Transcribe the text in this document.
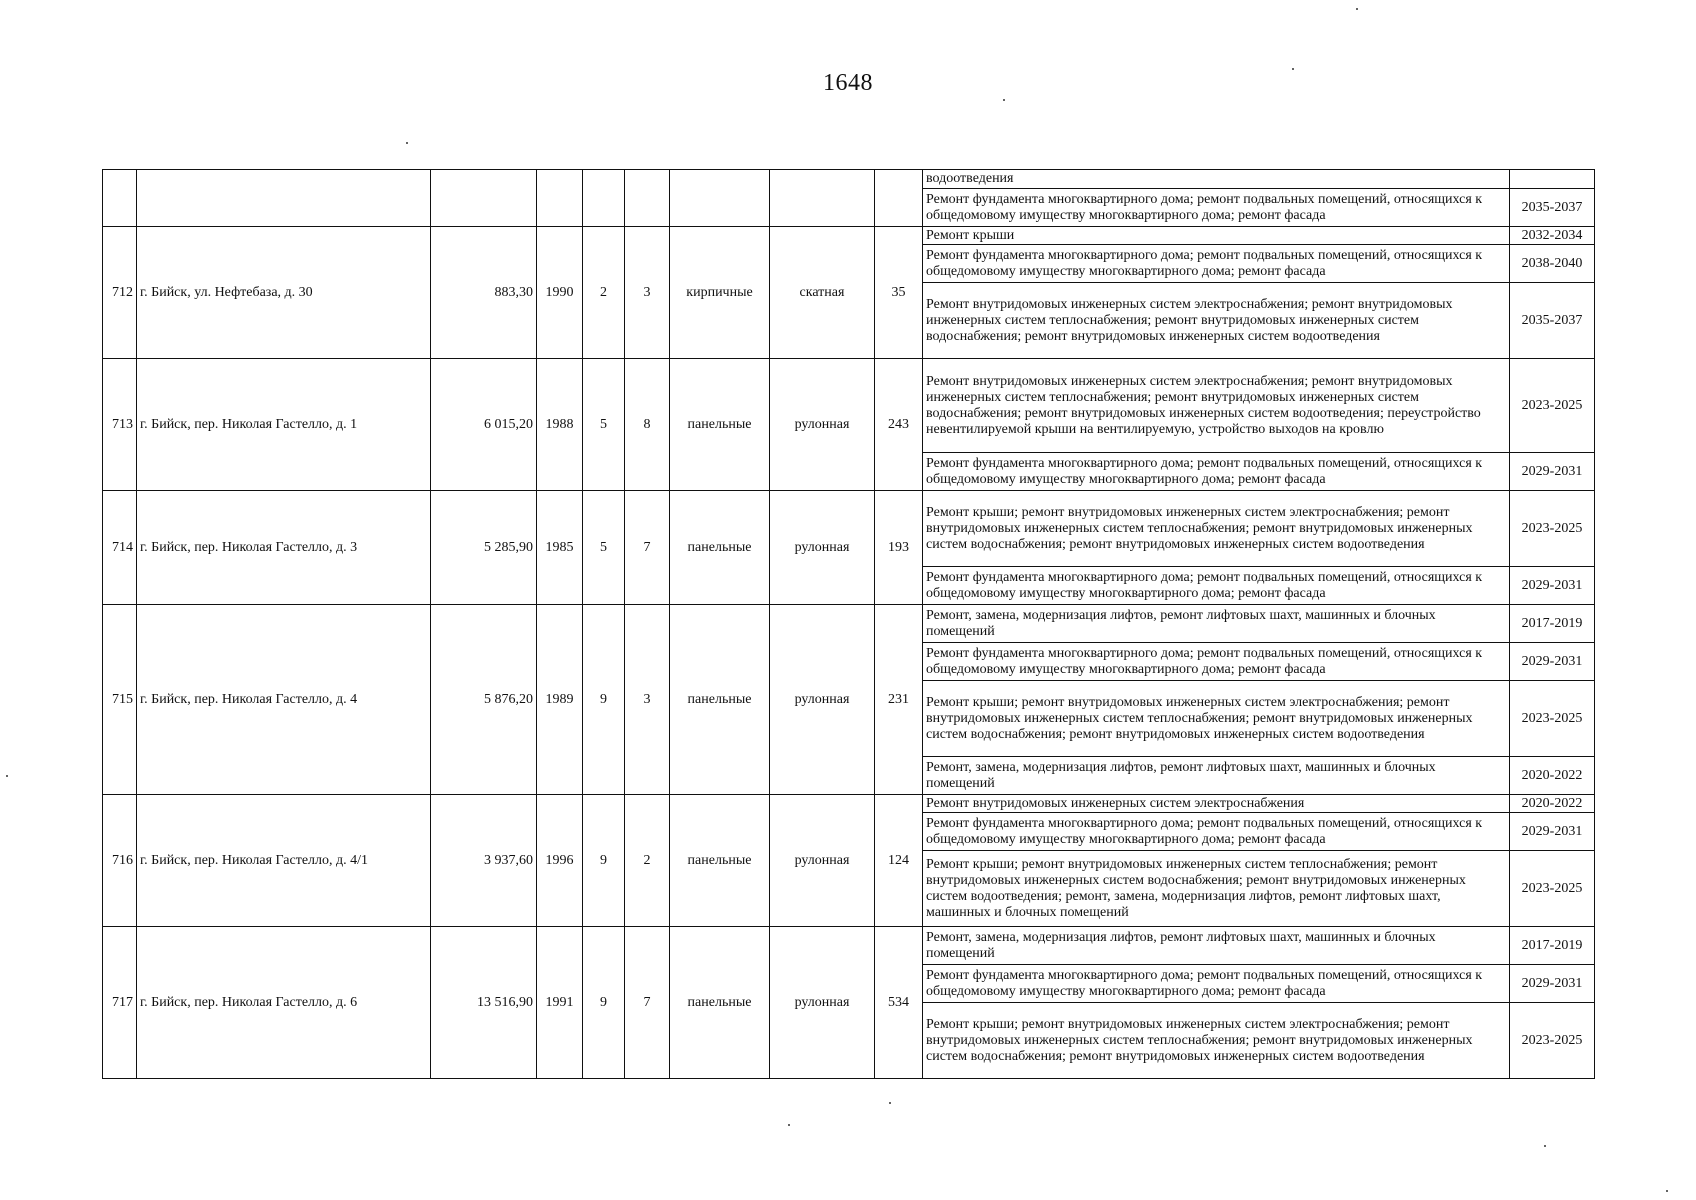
1648
									водоотведения	
									Ремонт фундамента многоквартирного дома; ремонт подвальных помещений, относящихся к общедомовому имуществу многоквартирного дома; ремонт фасада	2035-2037
712	г. Бийск, ул. Нефтебаза, д. 30	883,30	1990	2	3	кирпичные	скатная	35	Ремонт крыши	2032-2034
									Ремонт фундамента многоквартирного дома; ремонт подвальных помещений, относящихся к общедомовому имуществу многоквартирного дома; ремонт фасада	2038-2040
									Ремонт внутридомовых инженерных систем электроснабжения; ремонт внутридомовых инженерных систем теплоснабжения; ремонт внутридомовых инженерных систем водоснабжения; ремонт внутридомовых инженерных систем водоотведения	2035-2037
713	г. Бийск, пер. Николая Гастелло, д. 1	6 015,20	1988	5	8	панельные	рулонная	243	Ремонт внутридомовых инженерных систем электроснабжения; ремонт внутридомовых инженерных систем теплоснабжения; ремонт внутридомовых инженерных систем водоснабжения; ремонт внутридомовых инженерных систем водоотведения; переустройство невентилируемой крыши на вентилируемую, устройство выходов на кровлю	2023-2025
									Ремонт фундамента многоквартирного дома; ремонт подвальных помещений, относящихся к общедомовому имуществу многоквартирного дома; ремонт фасада	2029-2031
714	г. Бийск, пер. Николая Гастелло, д. 3	5 285,90	1985	5	7	панельные	рулонная	193	Ремонт крыши; ремонт внутридомовых инженерных систем электроснабжения; ремонт внутридомовых инженерных систем теплоснабжения; ремонт внутридомовых инженерных систем водоснабжения; ремонт внутридомовых инженерных систем водоотведения	2023-2025
									Ремонт фундамента многоквартирного дома; ремонт подвальных помещений, относящихся к общедомовому имуществу многоквартирного дома; ремонт фасада	2029-2031
715	г. Бийск, пер. Николая Гастелло, д. 4	5 876,20	1989	9	3	панельные	рулонная	231	Ремонт, замена, модернизация лифтов, ремонт лифтовых шахт, машинных и блочных помещений	2017-2019
									Ремонт фундамента многоквартирного дома; ремонт подвальных помещений, относящихся к общедомовому имуществу многоквартирного дома; ремонт фасада	2029-2031
									Ремонт крыши; ремонт внутридомовых инженерных систем электроснабжения; ремонт внутридомовых инженерных систем теплоснабжения; ремонт внутридомовых инженерных систем водоснабжения; ремонт внутридомовых инженерных систем водоотведения	2023-2025
									Ремонт, замена, модернизация лифтов, ремонт лифтовых шахт, машинных и блочных помещений	2020-2022
716	г. Бийск, пер. Николая Гастелло, д. 4/1	3 937,60	1996	9	2	панельные	рулонная	124	Ремонт внутридомовых инженерных систем электроснабжения	2020-2022
									Ремонт фундамента многоквартирного дома; ремонт подвальных помещений, относящихся к общедомовому имуществу многоквартирного дома; ремонт фасада	2029-2031
									Ремонт крыши; ремонт внутридомовых инженерных систем теплоснабжения; ремонт внутридомовых инженерных систем водоснабжения; ремонт внутридомовых инженерных систем водоотведения; ремонт, замена, модернизация лифтов, ремонт лифтовых шахт, машинных и блочных помещений	2023-2025
717	г. Бийск, пер. Николая Гастелло, д. 6	13 516,90	1991	9	7	панельные	рулонная	534	Ремонт, замена, модернизация лифтов, ремонт лифтовых шахт, машинных и блочных помещений	2017-2019
									Ремонт фундамента многоквартирного дома; ремонт подвальных помещений, относящихся к общедомовому имуществу многоквартирного дома; ремонт фасада	2029-2031
									Ремонт крыши; ремонт внутридомовых инженерных систем электроснабжения; ремонт внутридомовых инженерных систем теплоснабжения; ремонт внутридомовых инженерных систем водоснабжения; ремонт внутридомовых инженерных систем водоотведения	2023-2025
